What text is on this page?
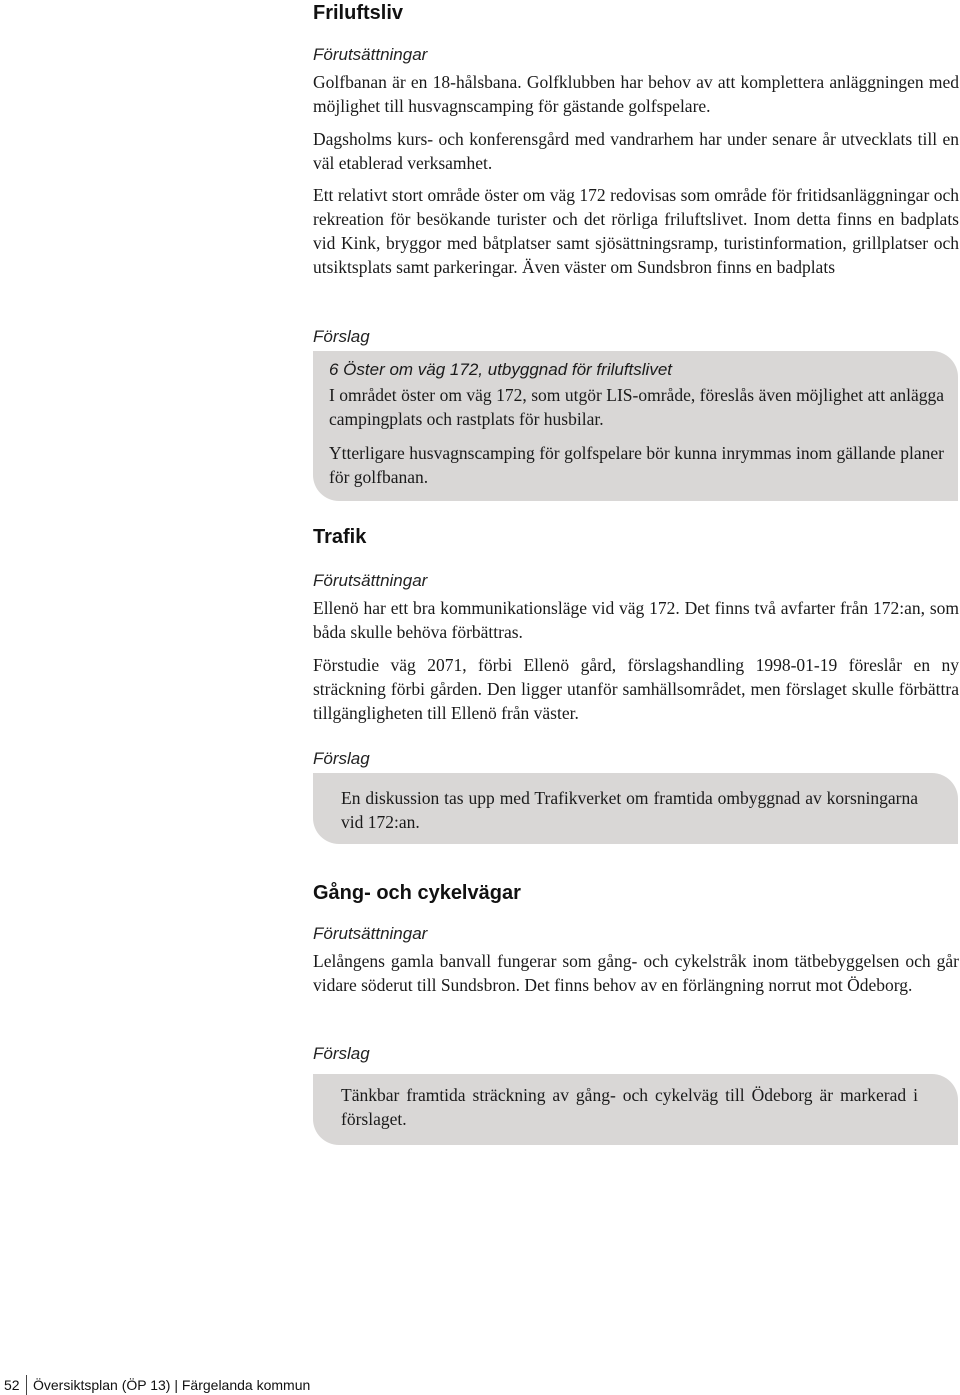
Friluftsliv
Förutsättningar
Golfbanan är en 18-hålsbana. Golfklubben har behov av att komplettera anläggningen med möjlighet till husvagnscamping för gästande golfspelare.
Dagsholms kurs- och konferensgård med vandrarhem har under senare år utvecklats till en väl etablerad verksamhet.
Ett relativt stort område öster om väg 172 redovisas som område för fritidsanläggningar och rekreation för besökande turister och det rörliga friluftslivet. Inom detta finns en badplats vid Kink, bryggor med båtplatser samt sjösättningsramp, turistinformation, grillplatser och utsiktsplats samt parkeringar. Även väster om Sundsbron finns en badplats
Förslag
6 Öster om väg 172, utbyggnad för friluftslivet
I området öster om väg 172, som utgör LIS-område, föreslås även möjlighet att anlägga campingplats och rastplats för husbilar.
Ytterligare husvagnscamping för golfspelare bör kunna inrymmas inom gällande planer för golfbanan.
Trafik
Förutsättningar
Ellenö har ett bra kommunikationsläge vid väg 172. Det finns två avfarter från 172:an, som båda skulle behöva förbättras.
Förstudie väg 2071, förbi Ellenö gård, förslagshandling 1998-01-19 föreslår en ny sträckning förbi gården. Den ligger utanför samhällsområdet, men förslaget skulle förbättra tillgängligheten till Ellenö från väster.
Förslag
En diskussion tas upp med Trafikverket om framtida ombyggnad av korsningarna vid 172:an.
Gång- och cykelvägar
Förutsättningar
Lelångens gamla banvall fungerar som gång- och cykelstråk inom tätbebyggelsen och går vidare söderut till Sundsbron. Det finns behov av en förlängning norrut mot Ödeborg.
Förslag
Tänkbar framtida sträckning av gång- och cykelväg till Ödeborg är markerad i förslaget.
52 Översiktsplan (ÖP 13) | Färgelanda kommun
